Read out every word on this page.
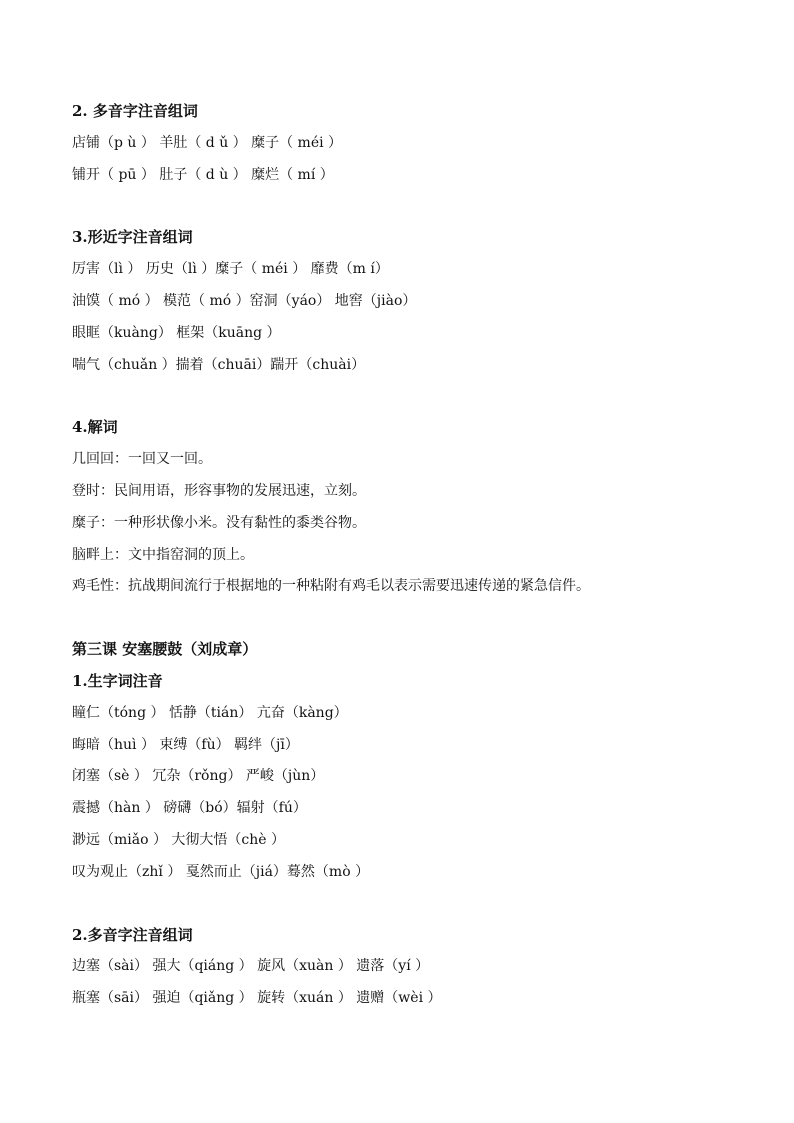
2. 多音字注音组词
店铺（p ù ） 羊肚（ d ǔ ） 糜子（ méi ）
铺开（ pū ） 肚子（ d ù ） 糜烂（ mí ）
3.形近字注音组词
厉害（lì ） 历史（lì ）糜子（ méi ） 靡费（m í）
油馍（ mó ） 模范（ mó ）窑洞（yáo） 地窖（jiào）
眼眶（kuàng） 框架（kuāng ）
喘气（chuǎn ）揣着（chuāi）踹开（chuài）
4.解词
几回回：一回又一回。
登时：民间用语，形容事物的发展迅速，立刻。
糜子：一种形状像小米。没有黏性的黍类谷物。
脑畔上：文中指窑洞的顶上。
鸡毛性：抗战期间流行于根据地的一种粘附有鸡毛以表示需要迅速传递的紧急信件。
第三课 安塞腰鼓（刘成章）
1.生字词注音
瞳仁（tóng ） 恬静（tián） 亢奋（kàng）
晦暗（huì ） 束缚（fù） 羁绊（jī）
闭塞（sè ） 冗杂（rǒng） 严峻（jùn）
震撼（hàn ） 磅礴（bó）辐射（fú）
渺远（miǎo ） 大彻大悟（chè ）
叹为观止（zhǐ ） 戛然而止（jiá）蓦然（mò ）
2.多音字注音组词
边塞（sài） 强大（qiáng ） 旋风（xuàn ） 遗落（yí ）
瓶塞（sāi） 强迫（qiǎng ） 旋转（xuán ） 遗赠（wèi ）
